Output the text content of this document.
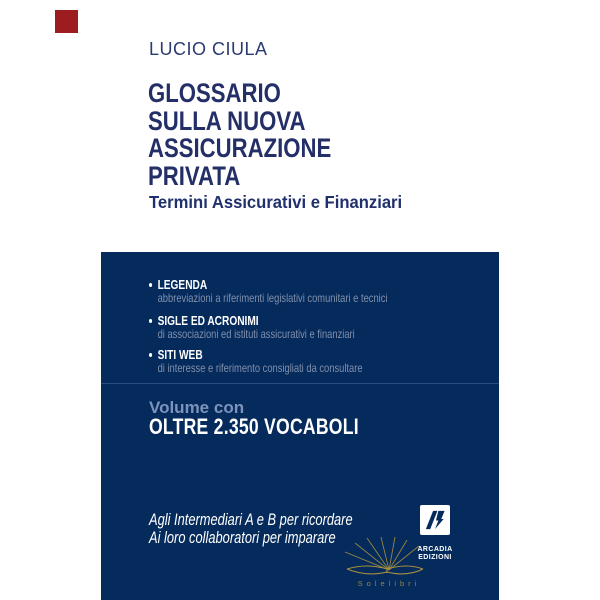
LUCIO CIULA
GLOSSARIO
SULLA NUOVA
ASSICURAZIONE
PRIVATA
Termini Assicurativi e Finanziari
LEGENDA
abbreviazioni a riferimenti legislativi comunitari e tecnici
SIGLE ED ACRONIMI
di associazioni ed istituti assicurativi e finanziari
SITI WEB
di interesse e riferimento consigliati da consultare
Volume con
OLTRE 2.350 VOCABOLI
Agli Intermediari A e B per ricordare
Ai loro collaboratori per imparare
ARCADIA
EDIZIONI
Solelibri
